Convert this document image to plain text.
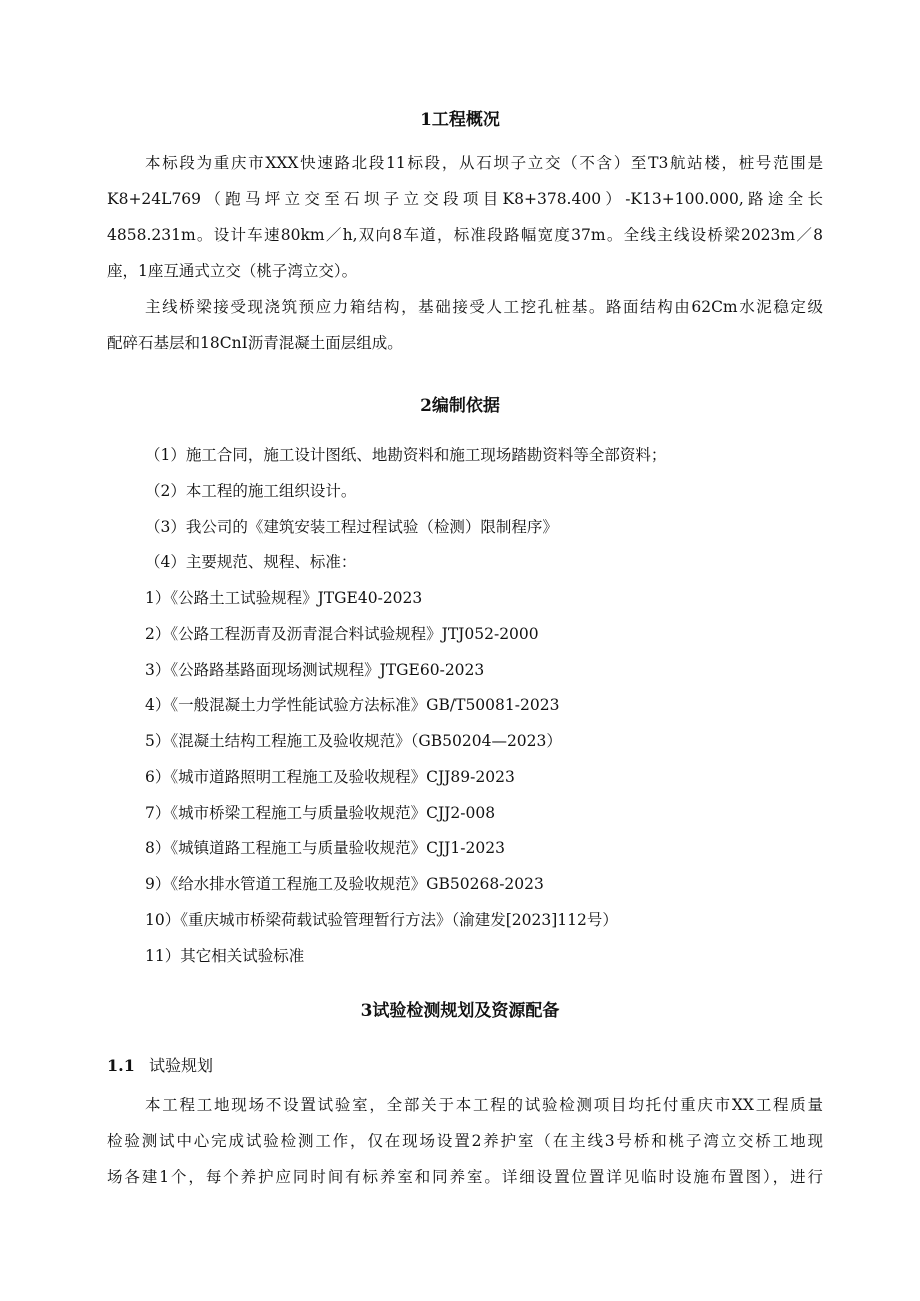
1工程概况
本标段为重庆市XXX快速路北段11标段，从石坝子立交（不含）至T3航站楼，桩号范围是
K8+24L769（跑马坪立交至石坝子立交段项目K8+378.400）-K13+100.000,路途全长
4858.231m。设计车速80km／h,双向8车道，标准段路幅宽度37m。全线主线设桥梁2023m／8
座，1座互通式立交（桃子湾立交）。
主线桥梁接受现浇筑预应力箱结构，基础接受人工挖孔桩基。路面结构由62Cm水泥稳定级
配碎石基层和18CnI沥青混凝土面层组成。
2编制依据
（1）施工合同，施工设计图纸、地勘资料和施工现场踏勘资料等全部资料；
（2）本工程的施工组织设计。
（3）我公司的《建筑安装工程过程试验（检测）限制程序》
（4）主要规范、规程、标准：
1）《公路土工试验规程》JTGE40-2023
2）《公路工程沥青及沥青混合料试验规程》JTJ052-2000
3）《公路路基路面现场测试规程》JTGE60-2023
4）《一般混凝土力学性能试验方法标准》GB/T50081-2023
5）《混凝土结构工程施工及验收规范》（GB50204—2023）
6）《城市道路照明工程施工及验收规程》CJJ89-2023
7）《城市桥梁工程施工与质量验收规范》CJJ2-008
8）《城镇道路工程施工与质量验收规范》CJJ1-2023
9）《给水排水管道工程施工及验收规范》GB50268-2023
10）《重庆城市桥梁荷载试验管理暂行方法》（渝建发[2023]112号）
11）其它相关试验标准
3试验检测规划及资源配备
1.1 试验规划
本工程工地现场不设置试验室，全部关于本工程的试验检测项目均托付重庆市XX工程质量
检验测试中心完成试验检测工作，仅在现场设置2养护室（在主线3号桥和桃子湾立交桥工地现
场各建1个，每个养护应同时间有标养室和同养室。详细设置位置详见临时设施布置图），进行
